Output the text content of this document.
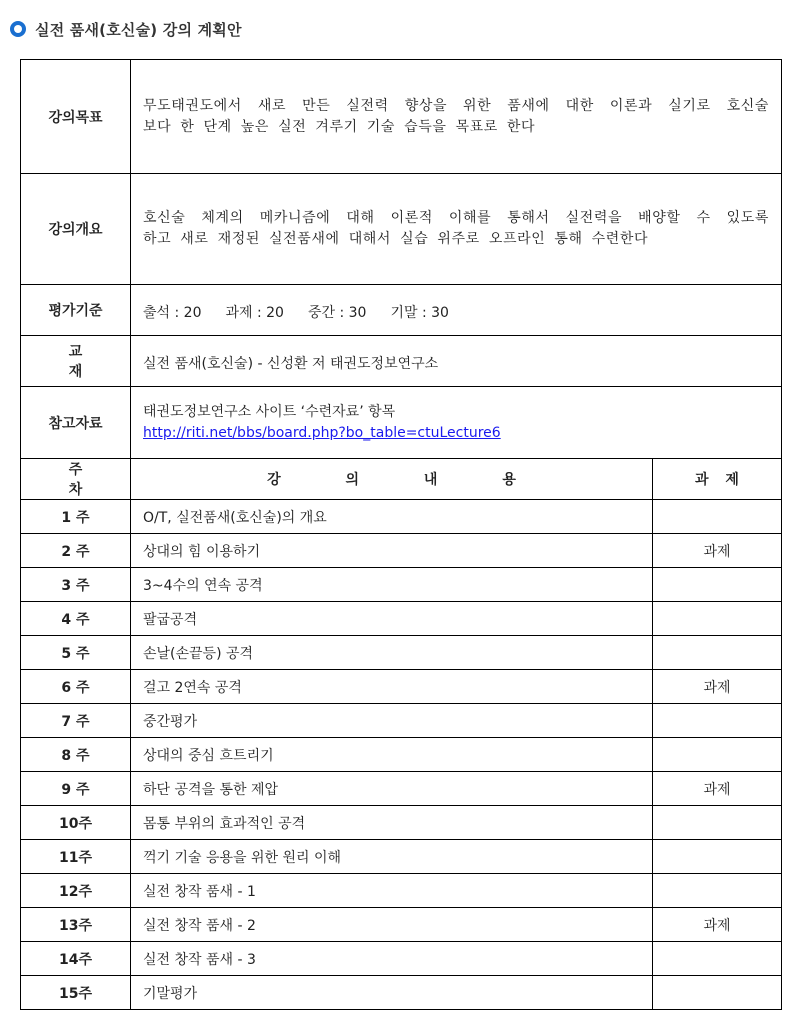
실전 품새(호신술) 강의 계획안
강의목표	무도태권도에서 새로 만든 실전력 향상을 위한 품새에 대한 이론과 실기로 호신술
보다 한 단계 높은 실전 겨루기 기술 습득을 목표로 한다	

강의개요	호신술 체계의 메카니즘에 대해 이론적 이해를 통해서 실전력을 배양할 수 있도록
하고 새로 재정된 실전품새에 대해서 실습 위주로 오프라인 통해 수련한다	

평가기준	출석 : 20 과제 : 20 중간 : 30 기말 : 30	

교 재	실전 품새(호신술) - 신성환 저 태권도정보연구소	

참고자료	태권도정보연구소 사이트 ‘수련자료’ 항목
http://riti.net/bbs/board.php?bo_table=ctuLecture6	
주 차	강 의 내 용	과 제
1 주	O/T, 실전품새(호신술)의 개요	
2 주	상대의 힘 이용하기	과제
3 주	3~4수의 연속 공격	
4 주	팔굽공격	
5 주	손날(손끝등) 공격	
6 주	걸고 2연속 공격	과제
7 주	중간평가	
8 주	상대의 중심 흐트리기	
9 주	하단 공격을 통한 제압	과제
10주	몸통 부위의 효과적인 공격	
11주	꺽기 기술 응용을 위한 원리 이해	
12주	실전 창작 품새 - 1	
13주	실전 창작 품새 - 2	과제
14주	실전 창작 품새 - 3	
15주	기말평가	
